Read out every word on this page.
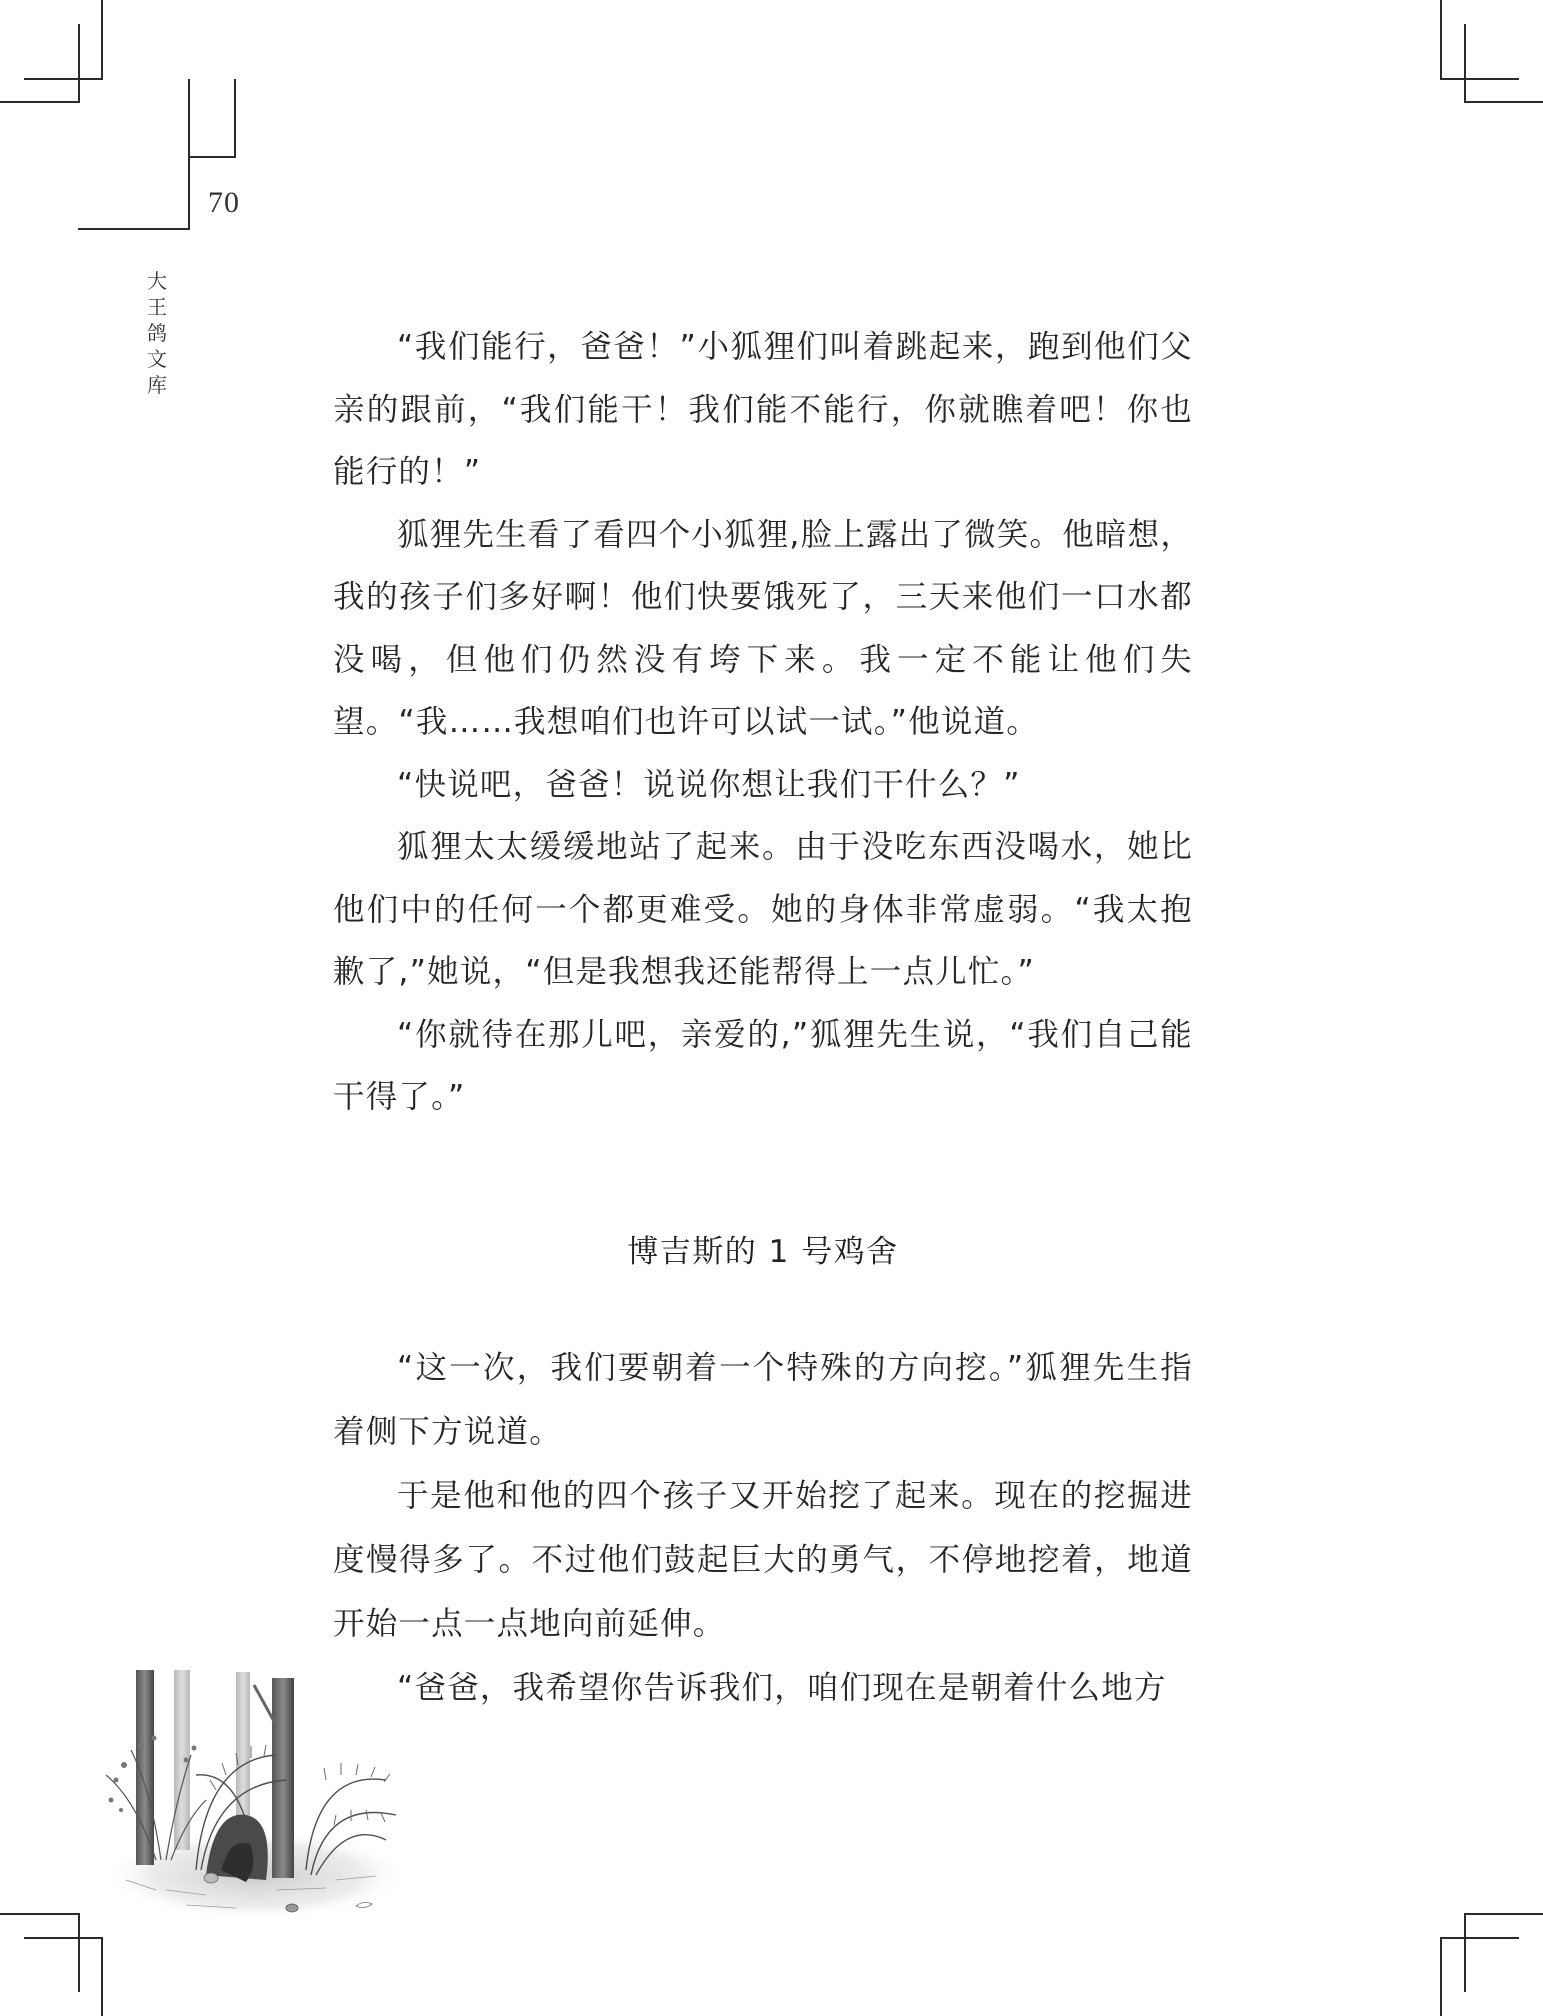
70
大王鸽文库

“我们能行，爸爸！”小狐狸们叫着跳起来，跑到他们父亲的跟前，“我们能干！我们能不能行，你就瞧着吧！你也能行的！”

狐狸先生看了看四个小狐狸,脸上露出了微笑。他暗想，我的孩子们多好啊！他们快要饿死了，三天来他们一口水都没喝，但他们仍然没有垮下来。我一定不能让他们失望。“我……我想咱们也许可以试一试。”他说道。

“快说吧，爸爸！说说你想让我们干什么？”

狐狸太太缓缓地站了起来。由于没吃东西没喝水，她比他们中的任何一个都更难受。她的身体非常虚弱。“我太抱歉了,”她说，“但是我想我还能帮得上一点儿忙。”

“你就待在那儿吧，亲爱的,”狐狸先生说，“我们自己能干得了。”

博吉斯的 1 号鸡舍

“这一次，我们要朝着一个特殊的方向挖。”狐狸先生指着侧下方说道。

于是他和他的四个孩子又开始挖了起来。现在的挖掘进度慢得多了。不过他们鼓起巨大的勇气，不停地挖着，地道开始一点一点地向前延伸。

“爸爸，我希望你告诉我们，咱们现在是朝着什么地方
